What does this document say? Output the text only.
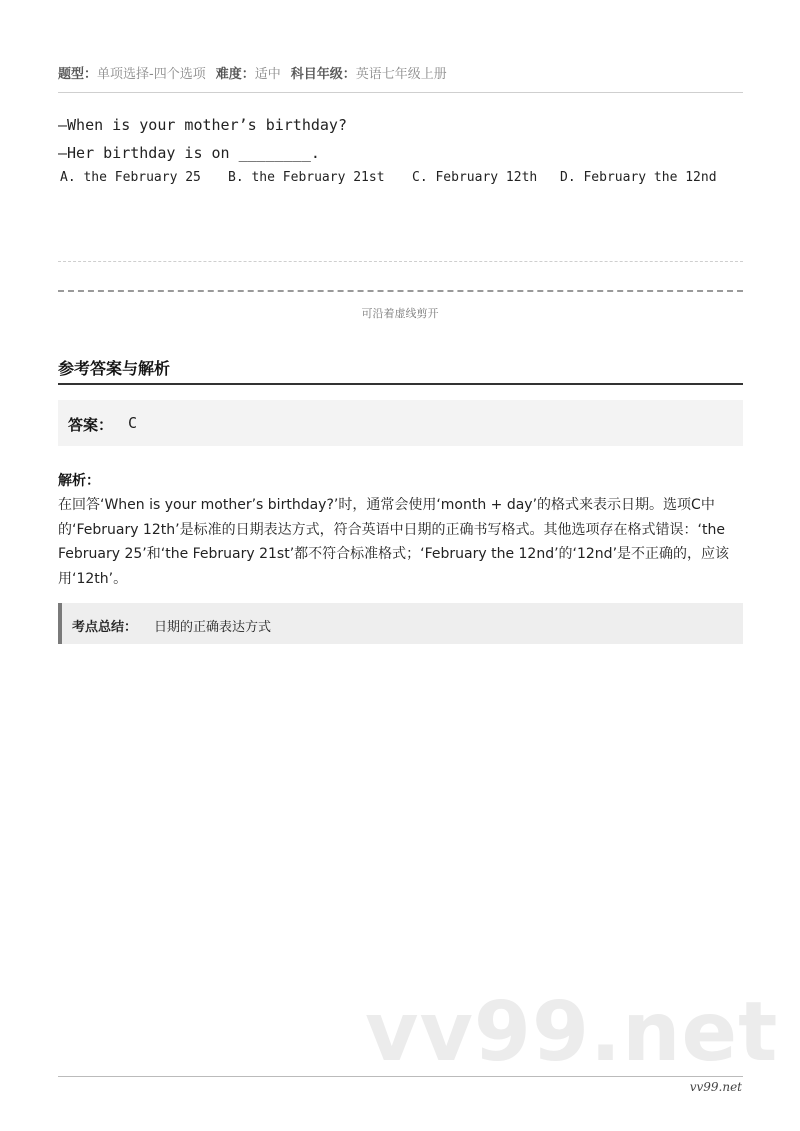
题型：单项选择-四个选项 难度：适中 科目年级：英语七年级上册
—When is your mother’s birthday?
—Her birthday is on ________.
A. the February 25 B. the February 21st C. February 12th D. February the 12nd
可沿着虚线剪开
参考答案与解析
答案： C
解析：
在回答‘When is your mother’s birthday?’时，通常会使用‘month + day’的格式来表示日期。选项C中的‘February 12th’是标准的日期表达方式，符合英语中日期的正确书写格式。其他选项存在格式错误：‘the February 25’和‘the February 21st’都不符合标准格式；‘February the 12nd’的‘12nd’是不正确的，应该用‘12th’。
考点总结： 日期的正确表达方式
vv99.net
vv99.net
